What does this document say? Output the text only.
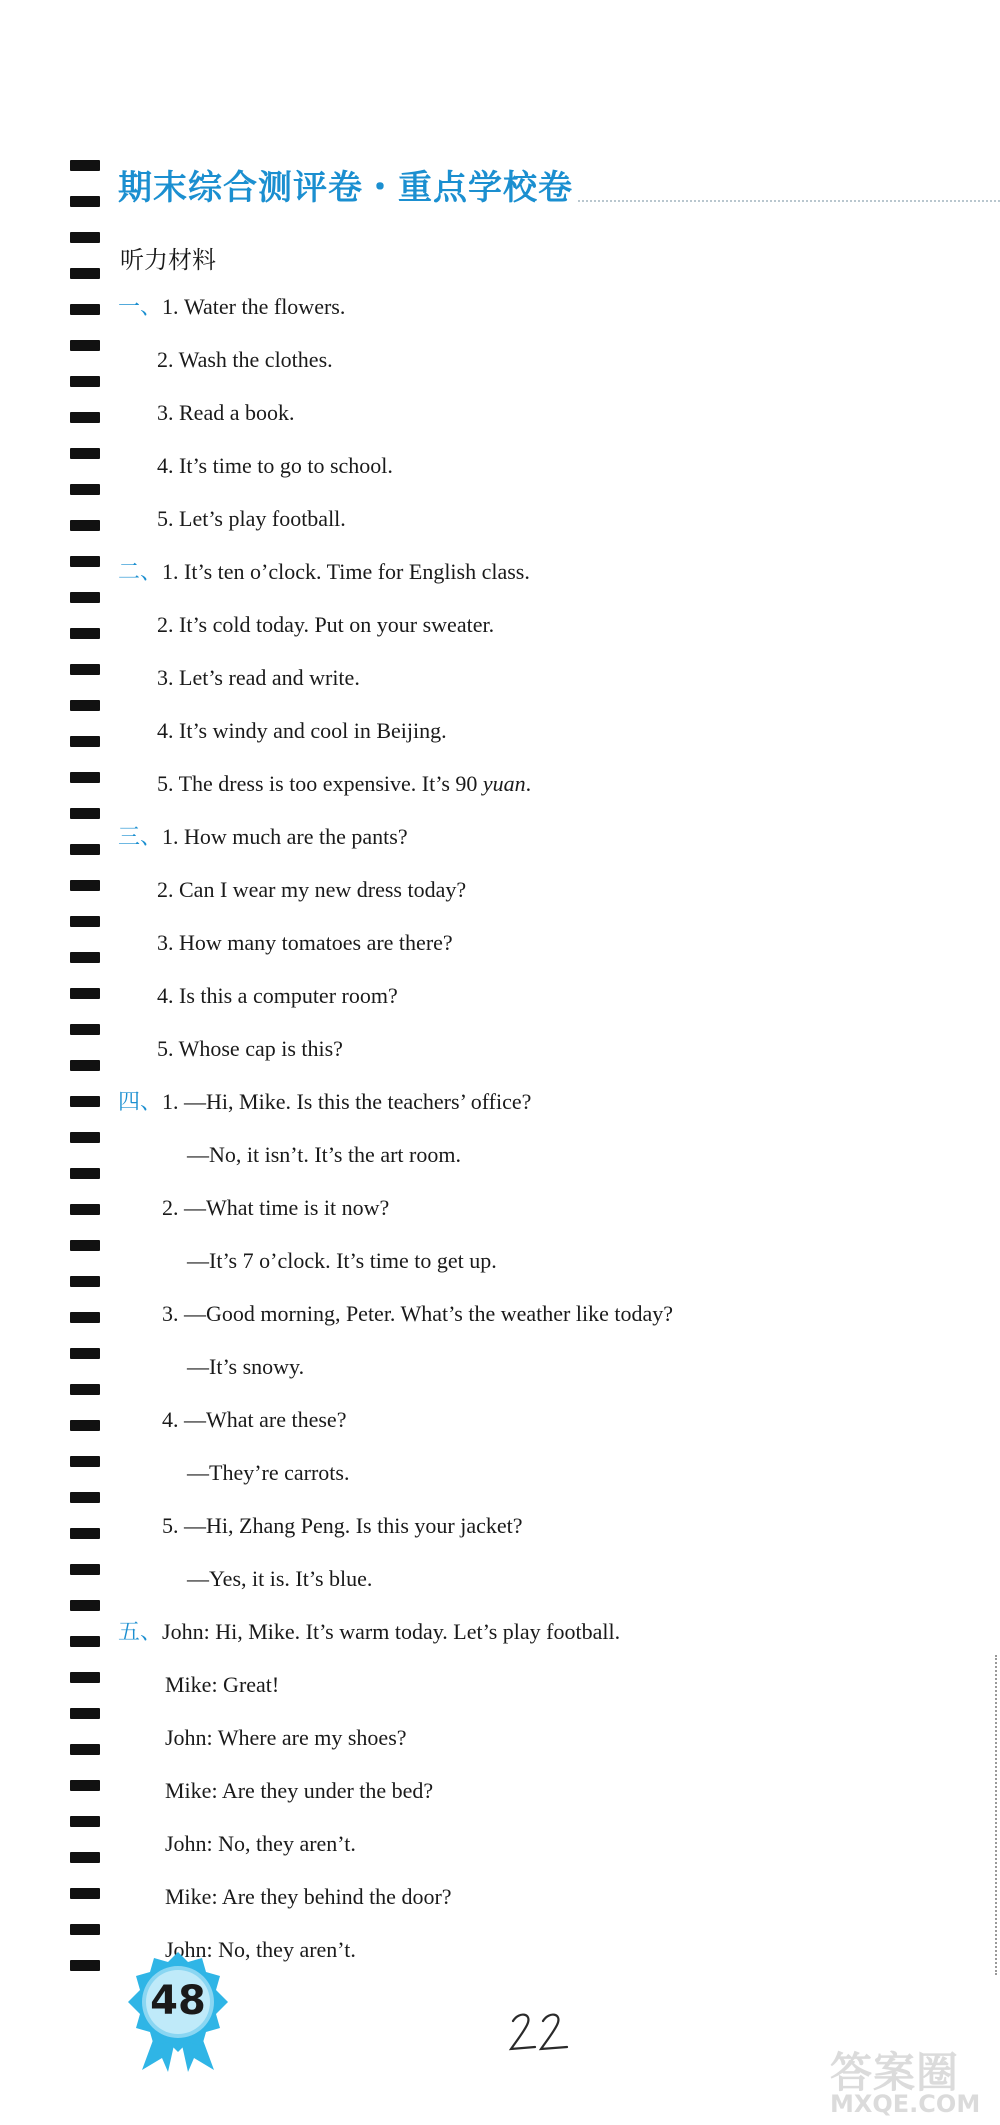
期末综合测评卷・重点学校卷
听力材料
一、1. Water the flowers.
2. Wash the clothes.
3. Read a book.
4. It’s time to go to school.
5. Let’s play football.
二、1. It’s ten o’clock. Time for English class.
2. It’s cold today. Put on your sweater.
3. Let’s read and write.
4. It’s windy and cool in Beijing.
5. The dress is too expensive. It’s 90 yuan.
三、1. How much are the pants?
2. Can I wear my new dress today?
3. How many tomatoes are there?
4. Is this a computer room?
5. Whose cap is this?
四、1. —Hi, Mike. Is this the teachers’ office?
—No, it isn’t. It’s the art room.
2. —What time is it now?
—It’s 7 o’clock. It’s time to get up.
3. —Good morning, Peter. What’s the weather like today?
—It’s snowy.
4. —What are these?
—They’re carrots.
5. —Hi, Zhang Peng. Is this your jacket?
—Yes, it is. It’s blue.
五、John: Hi, Mike. It’s warm today. Let’s play football.
Mike: Great!
John: Where are my shoes?
Mike: Are they under the bed?
John: No, they aren’t.
Mike: Are they behind the door?
John: No, they aren’t.
48
答案圈
MXQE.COM
